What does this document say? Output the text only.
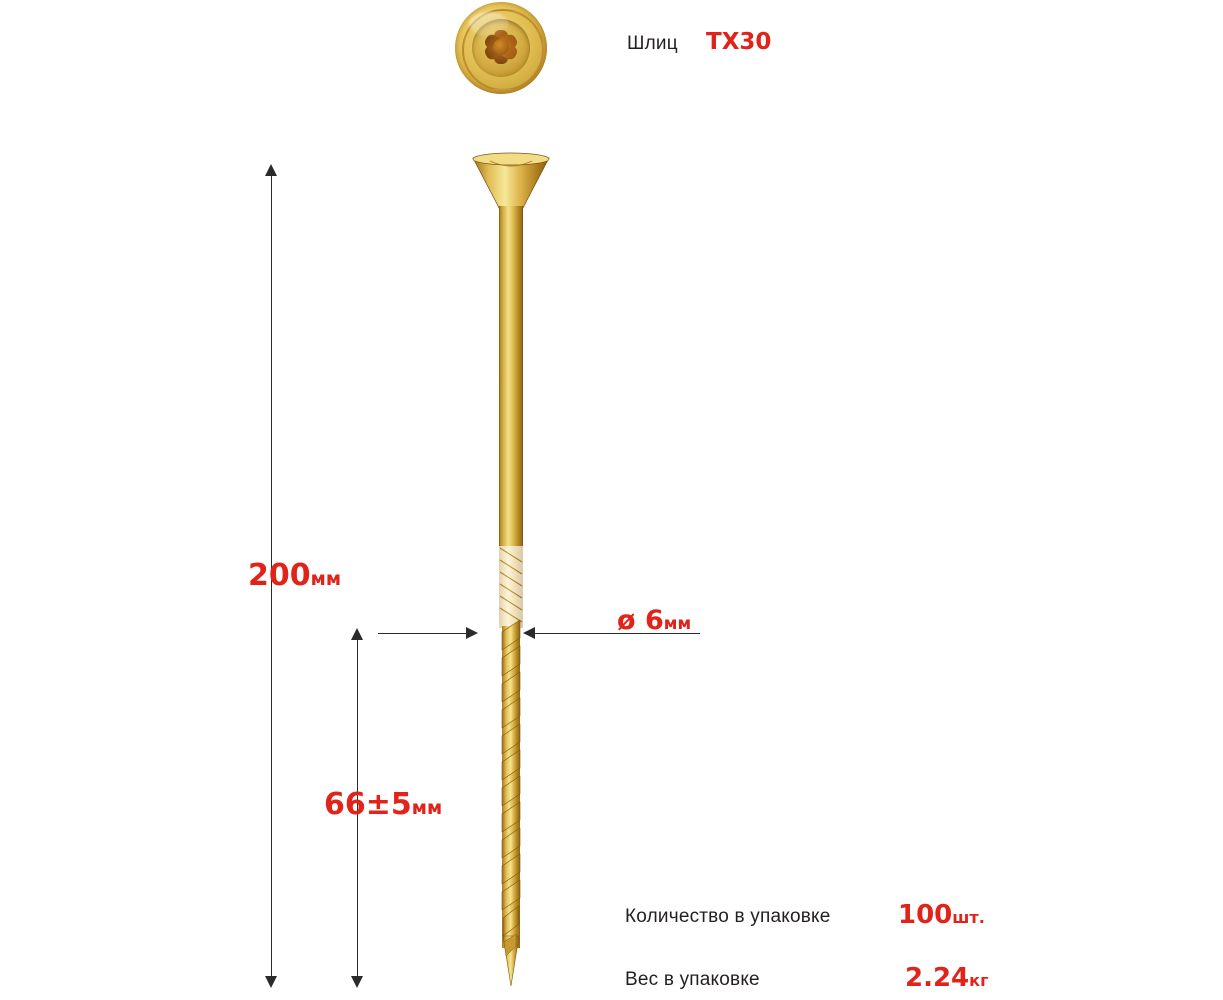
Шлиц TX30
200мм
66±5мм
ø 6мм
Количество в упаковке	100шт.
Вес в упаковке	2.24кг
